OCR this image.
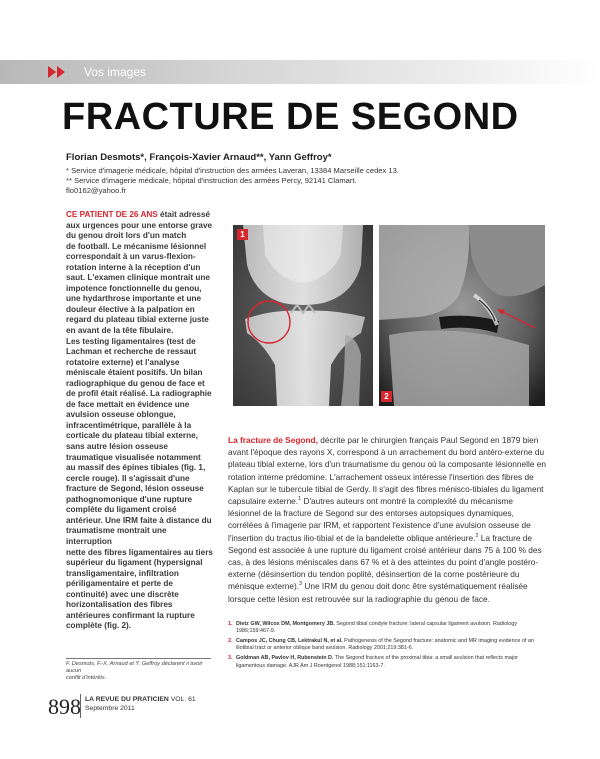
Vos images
FRACTURE DE SEGOND
Florian Desmots*, François-Xavier Arnaud**, Yann Geffroy*
* Service d'imagerie médicale, hôpital d'instruction des armées Laveran, 13384 Marseille cedex 13.
** Service d'imagerie médicale, hôpital d'instruction des armées Percy, 92141 Clamart.
flo0162@yahoo.fr

CE PATIENT DE 26 ANS était adressé

aux urgences pour une entorse grave

du genou droit lors d'un match

de football. Le mécanisme lésionnel

correspondait à un varus-flexion-

rotation interne à la réception d'un

saut. L'examen clinique montrait une

impotence fonctionnelle du genou,

une hydarthrose importante et une

douleur élective à la palpation en

regard du plateau tibial externe juste

en avant de la tête fibulaire.

Les testing ligamentaires (test de

Lachman et recherche de ressaut

rotatoire externe) et l'analyse

méniscale étaient positifs. Un bilan

radiographique du genou de face et

de profil était réalisé. La radiographie

de face mettait en évidence une

avulsion osseuse oblongue,

infracentimétrique, parallèle à la

corticale du plateau tibial externe,

sans autre lésion osseuse

traumatique visualisée notamment

au massif des épines tibiales (fig. 1,

cercle rouge). Il s'agissait d'une

fracture de Segond, lésion osseuse

pathognomonique d'une rupture

complète du ligament croisé

antérieur. Une IRM faite à distance du

traumatisme montrait une interruption

nette des fibres ligamentaires au tiers

supérieur du ligament (hypersignal

transligamentaire, infiltration

périligamentaire et perte de

continuité) avec une discrète

horizontalisation des fibres

antérieures confirmant la rupture

complète (fig. 2).

F. Desmots, F.-X. Arnaud et Y. Geffroy déclarent n'avoir aucun
conflit d'intérêts.
1
2

La fracture de Segond, décrite par le chirurgien français Paul Segond en 1879 bien avant l'époque des rayons X, correspond à un arrachement du bord antéro-externe du plateau tibial externe, lors d'un traumatisme du genou où la composante lésionnelle en rotation interne prédomine. L'arrachement osseux intéresse l'insertion des fibres de Kaplan sur le tubercule tibial de Gerdy. Il s'agit des fibres ménisco-tibiales du ligament capsulaire externe.$^1$ D'autres auteurs ont montré la complexité du mécanisme lésionnel de la fracture de Segond sur des entorses autopsiques dynamiques, corrélées à l'imagerie par IRM, et rapportent l'existence d'une avulsion osseuse de l'insertion du tractus ilio-tibial et de la bandelette oblique antérieure.$^2$ La fracture de Segond est associée à une rupture du ligament croisé antérieur dans 75 à 100 % des cas, à des lésions méniscales dans 67 % et à des atteintes du point d'angle postéro-externe (désinsertion du tendon poplité, désinsertion de la corne postérieure du ménisque externe).$^3$ Une IRM du genou doit donc être systématiquement réalisée lorsque cette lésion est retrouvée sur la radiographie du genou de face.

1. Dietz GW, Wilcox DM, Montgomery JB. Segond tibial condyle fracture: lateral capsular ligament avulsion. Radiology 1986;159:467-9.
2. Campos JC, Chung CB, Lektrakul N, et al. Pathogenesis of the Segond fracture: anatomic and MR imaging evidence of an iliotibial tract or anterior oblique band avulsion. Radiology 2001;219:381-6.
3. Goldman AB, Pavlov H, Rubenstein D. The Segond fracture of the proximal tibia: a small avulsion that reflects major ligamentous damage. AJR Am J Roentgenol 1988;151:1163-7.
898 LA REVUE DU PRATICIEN VOL. 61
Septembre 2011
